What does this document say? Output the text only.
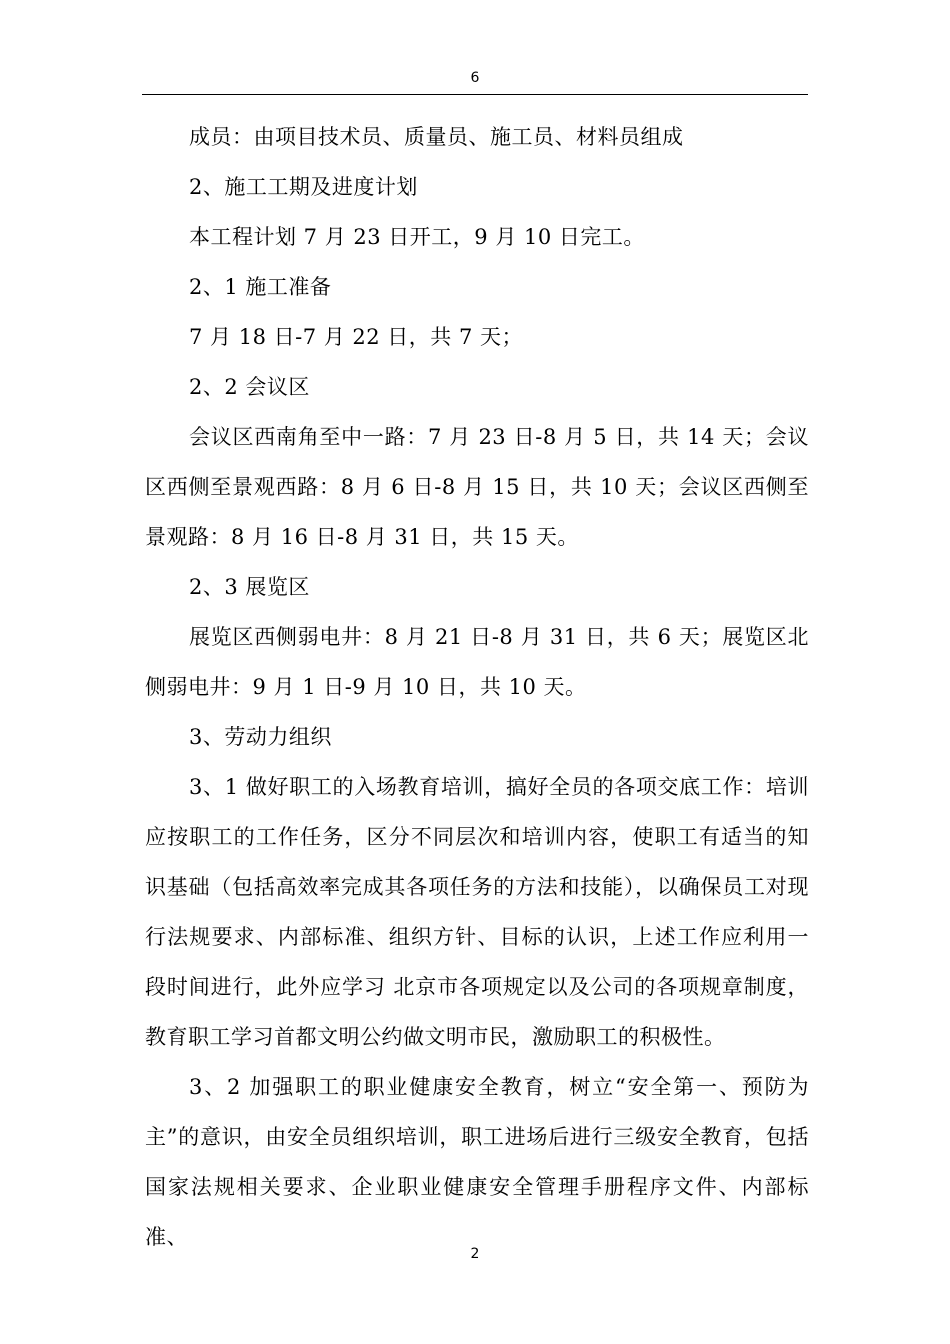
6

成员：由项目技术员、质量员、施工员、材料员组成

2、施工工期及进度计划

本工程计划 7 月 23 日开工，9 月 10 日完工。

2、1 施工准备

7 月 18 日-7 月 22 日，共 7 天；

2、2 会议区

会议区西南角至中一路：7 月 23 日-8 月 5 日，共 14 天；会议区西侧至景观西路：8 月 6 日-8 月 15 日，共 10 天；会议区西侧至景观路：8 月 16 日-8 月 31 日，共 15 天。

2、3 展览区

展览区西侧弱电井：8 月 21 日-8 月 31 日，共 6 天；展览区北侧弱电井：9 月 1 日-9 月 10 日，共 10 天。

3、劳动力组织

3、1 做好职工的入场教育培训，搞好全员的各项交底工作：培训应按职工的工作任务，区分不同层次和培训内容，使职工有适当的知识基础（包括高效率完成其各项任务的方法和技能），以确保员工对现行法规要求、内部标准、组织方针、目标的认识，上述工作应利用一段时间进行，此外应学习 北京市各项规定以及公司的各项规章制度，教育职工学习首都文明公约做文明市民，激励职工的积极性。

3、2 加强职工的职业健康安全教育，树立“安全第一、预防为主”的意识，由安全员组织培训，职工进场后进行三级安全教育，包括国家法规相关要求、企业职业健康安全管理手册程序文件、内部标准、

2
